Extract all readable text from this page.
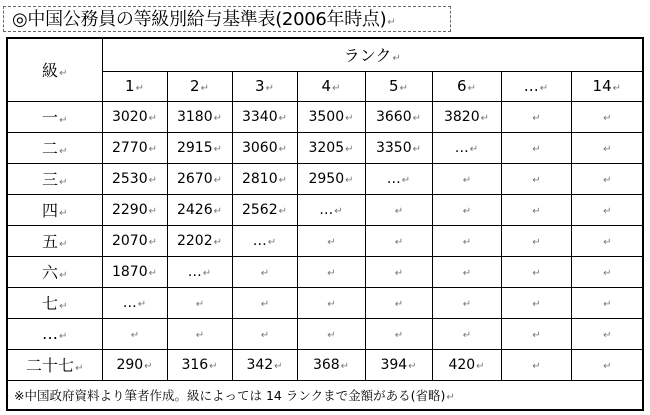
◎中国公務員の等級別給与基準表(2006年時点)↵
級↵	ランク↵							
	1↵	2↵	3↵	4↵	5↵	6↵	…↵	14↵
一↵	3020↵	3180↵	3340↵	3500↵	3660↵	3820↵	↵	↵
二↵	2770↵	2915↵	3060↵	3205↵	3350↵	…↵	↵	↵
三↵	2530↵	2670↵	2810↵	2950↵	…↵	↵	↵	↵
四↵	2290↵	2426↵	2562↵	…↵	↵	↵	↵	↵
五↵	2070↵	2202↵	…↵	↵	↵	↵	↵	↵
六↵	1870↵	…↵	↵	↵	↵	↵	↵	↵
七↵	…↵	↵	↵	↵	↵	↵	↵	↵
…↵	↵	↵	↵	↵	↵	↵	↵	↵
二十七↵	290↵	316↵	342↵	368↵	394↵	420↵	↵	↵
※中国政府資料より筆者作成。級によっては 14 ランクまで金額がある(省略)↵								
